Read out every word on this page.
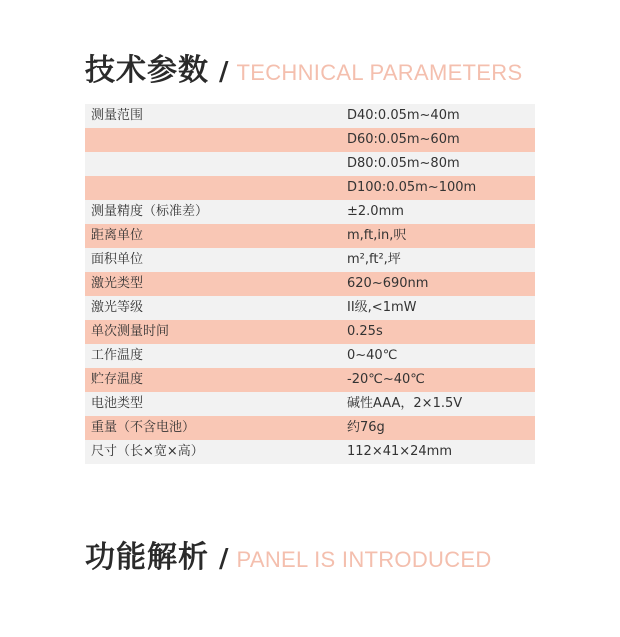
技术参数 / TECHNICAL PARAMETERS
测量范围	D40:0.05m~40m
D60:0.05m~60m
D80:0.05m~80m
D100:0.05m~100m
测量精度（标准差）	±2.0mm
距离单位	m,ft,in,呎
面积单位	m²,ft²,坪
激光类型	620~690nm
激光等级	II级,<1mW
单次测量时间	0.25s
工作温度	0~40℃
贮存温度	-20℃~40℃
电池类型	碱性AAA，2×1.5V
重量（不含电池）	约76g
尺寸（长×宽×高）	112×41×24mm
功能解析 / PANEL IS INTRODUCED
